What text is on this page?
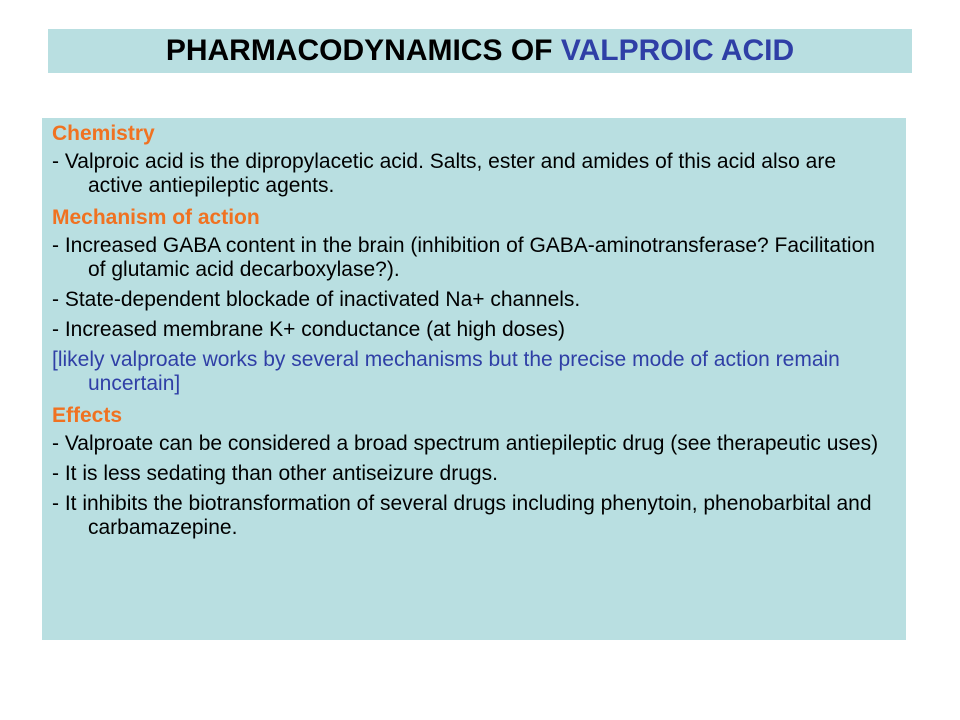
PHARMACODYNAMICS OF VALPROIC ACID
Chemistry

- Valproic acid is the dipropylacetic acid. Salts, ester and amides of this acid also are active antiepileptic agents.

Mechanism of action

- Increased GABA content in the brain (inhibition of GABA-aminotransferase? Facilitation of glutamic acid decarboxylase?).

- State-dependent blockade of inactivated Na+ channels.

- Increased membrane K+ conductance (at high doses)

[likely valproate works by several mechanisms but the precise mode of action remain uncertain]

Effects

- Valproate can be considered a broad spectrum antiepileptic drug (see therapeutic uses)

- It is less sedating than other antiseizure drugs.

- It inhibits the biotransformation of several drugs including phenytoin, phenobarbital and carbamazepine.
